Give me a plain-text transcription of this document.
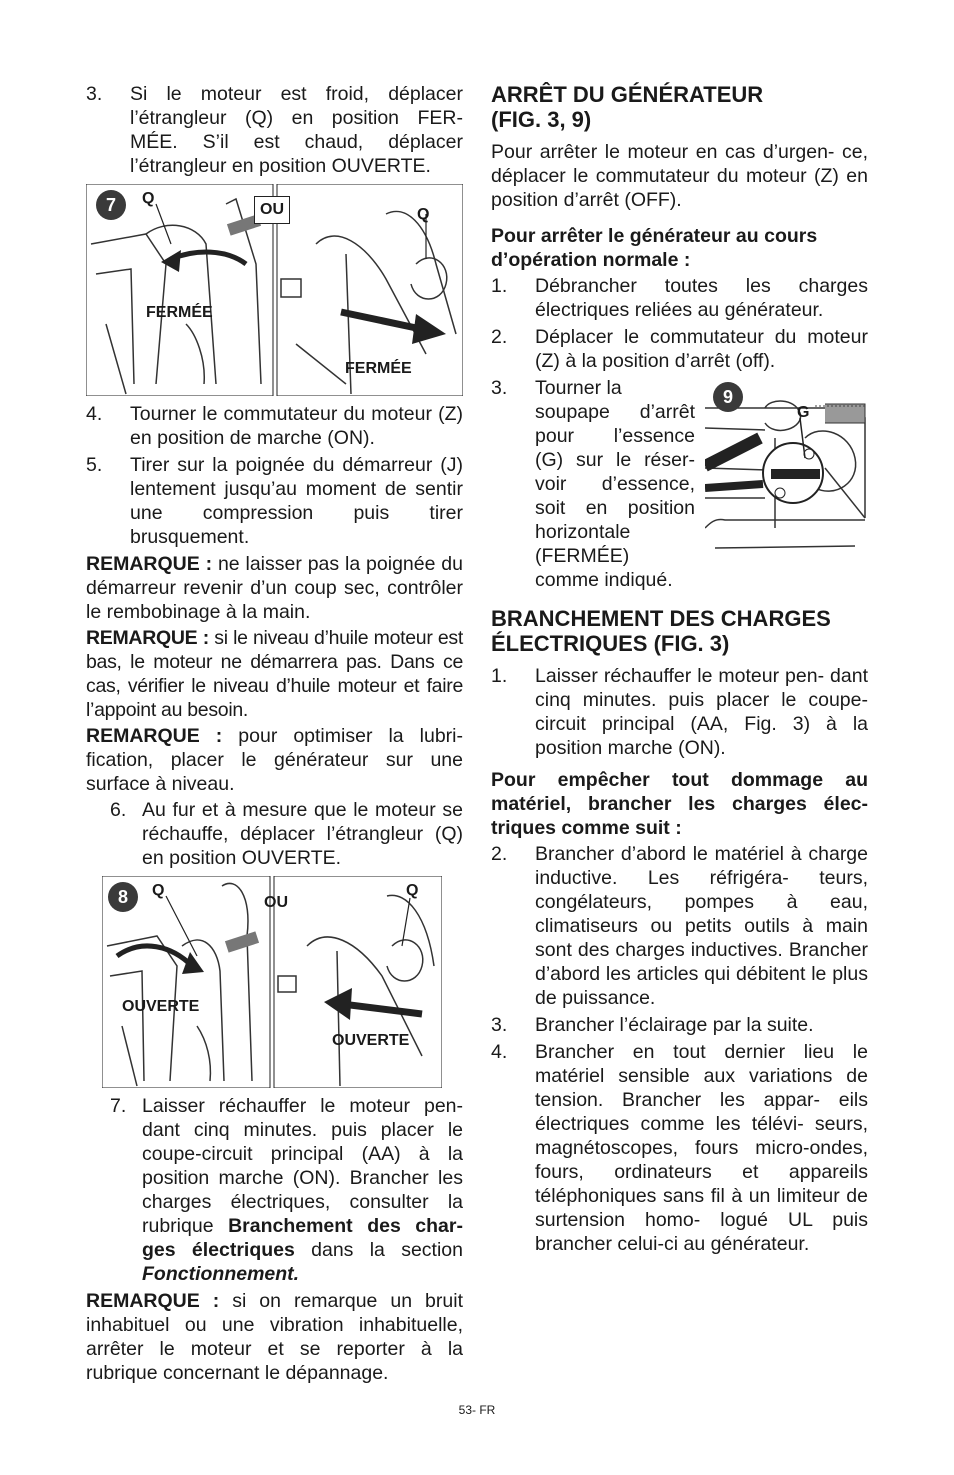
3.	Si le moteur est froid, déplacer l’étrangleur (Q) en position FER- MÉE. S’il est chaud, déplacer l’étrangleur en position OUVERTE.
7	Q
OU	Q
FERMÉE
FERMÉE
4.	Tourner le commutateur du moteur (Z) en position de marche (ON).
5.	Tirer sur la poignée du démarreur (J) lentement jusqu’au moment de sentir une compression puis tirer brusquement.

REMARQUE : ne laisser pas la poignée du démarreur revenir d’un coup sec, contrôler le rembobinage à la main.

REMARQUE : si le niveau d’huile moteur est bas, le moteur ne démarrera pas. Dans ce cas, vérifier le niveau d’huile moteur et faire l’appoint au besoin.

REMARQUE : pour optimiser la lubri- fication, placer le générateur sur une surface à niveau.

6. Au fur et à mesure que le moteur se réchauffe, déplacer l’étrangleur (Q) en position OUVERTE.
8	Q
OU
Q
OUVERTE
OUVERTE
7. Laisser réchauffer le moteur pen- dant cinq minutes. puis placer le coupe-circuit principal (AA) à la position marche (ON). Brancher les charges électriques, consulter la rubrique Branchement des char- ges électriques dans la section Fonctionnement.

REMARQUE : si on remarque un bruit inhabituel ou une vibration inhabituelle, arrêter le moteur et se reporter à la rubrique concernant le dépannage.

ARRÊT DU GÉNÉRATEUR (FIG. 3, 9)

Pour arrêter le moteur en cas d’urgen- ce, déplacer le commutateur du moteur (Z) en position d’arrêt (OFF).

Pour arrêter le générateur au cours d’opération normale :

1.	Débrancher toutes les charges électriques reliées au générateur.
2.	Déplacer le commutateur du moteur (Z) à la position d’arrêt (off).
3.	Tourner la
soupape d’arrêt
pour l’essence
(G) sur le réser-
voir d’essence,
soit en position
horizontale
(FERMÉE)
comme indiqué.
9
G
BRANCHEMENT DES CHARGES ÉLECTRIQUES (FIG. 3)
1.	Laisser réchauffer le moteur pen- dant cinq minutes. puis placer le coupe-circuit principal (AA, Fig. 3) à la position marche (ON).

Pour empêcher tout dommage au matériel, brancher les charges élec- triques comme suit :

2.	Brancher d’abord le matériel à charge inductive. Les réfrigéra- teurs, congélateurs, pompes à eau, climatiseurs ou petits outils à main sont des charges inductives. Brancher d’abord les articles qui débitent le plus de puissance.
3.	Brancher l’éclairage par la suite.
4.	Brancher en tout dernier lieu le matériel sensible aux variations de tension. Brancher les appar- eils électriques comme les télévi- seurs, magnétoscopes, fours micro-ondes, fours, ordinateurs et appareils téléphoniques sans fil à un limiteur de surtension homo- logué UL puis brancher celui-ci au générateur.
53- FR
